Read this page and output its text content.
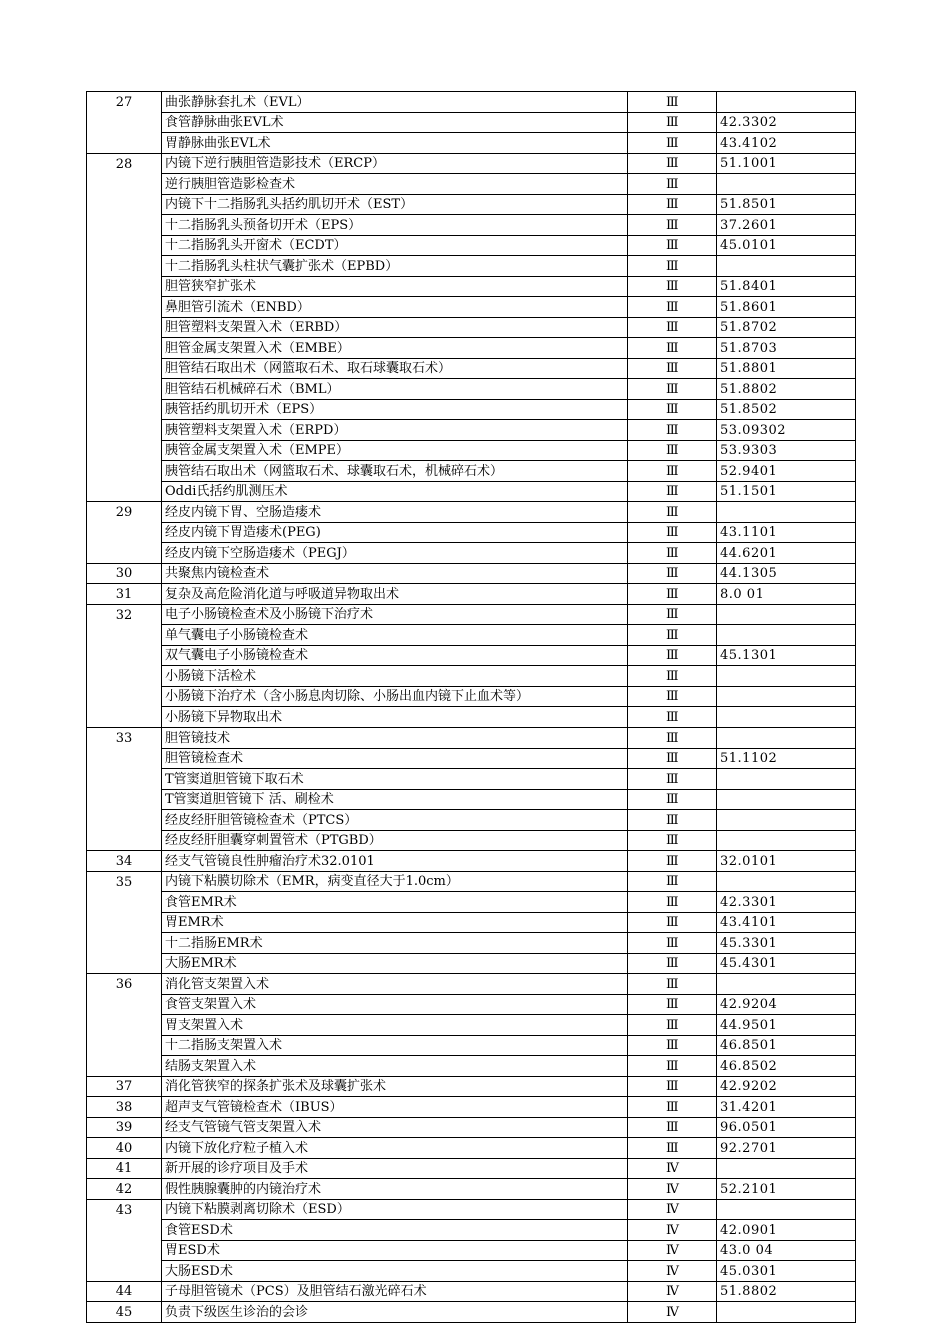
27	曲张静脉套扎术（EVL）	Ⅲ	
	食管静脉曲张EVL术	Ⅲ	42.3302
	胃静脉曲张EVL术	Ⅲ	43.4102
28	内镜下逆行胰胆管造影技术（ERCP）	Ⅲ	51.1001
	逆行胰胆管造影检查术	Ⅲ	
	内镜下十二指肠乳头括约肌切开术（EST）	Ⅲ	51.8501
	十二指肠乳头预备切开术（EPS）	Ⅲ	37.2601
	十二指肠乳头开窗术（ECDT）	Ⅲ	45.0101
	十二指肠乳头柱状气囊扩张术（EPBD）	Ⅲ	
	胆管狭窄扩张术	Ⅲ	51.8401
	鼻胆管引流术（ENBD）	Ⅲ	51.8601
	胆管塑料支架置入术（ERBD）	Ⅲ	51.8702
	胆管金属支架置入术（EMBE）	Ⅲ	51.8703
	胆管结石取出术（网篮取石术、取石球囊取石术）	Ⅲ	51.8801
	胆管结石机械碎石术（BML）	Ⅲ	51.8802
	胰管括约肌切开术（EPS）	Ⅲ	51.8502
	胰管塑料支架置入术（ERPD）	Ⅲ	53.09302
	胰管金属支架置入术（EMPE）	Ⅲ	53.9303
	胰管结石取出术（网篮取石术、球囊取石术，机械碎石术）	Ⅲ	52.9401
	Oddi氏括约肌测压术	Ⅲ	51.1501
29	经皮内镜下胃、空肠造瘘术	Ⅲ	
	经皮内镜下胃造瘘术(PEG)	Ⅲ	43.1101
	经皮内镜下空肠造瘘术（PEGJ）	Ⅲ	44.6201
30	共聚焦内镜检查术	Ⅲ	44.1305
31	复杂及高危险消化道与呼吸道异物取出术	Ⅲ	8.0 01
32	电子小肠镜检查术及小肠镜下治疗术	Ⅲ	
	单气囊电子小肠镜检查术	Ⅲ	
	双气囊电子小肠镜检查术	Ⅲ	45.1301
	小肠镜下活检术	Ⅲ	
	小肠镜下治疗术（含小肠息肉切除、小肠出血内镜下止血术等）	Ⅲ	
	小肠镜下异物取出术	Ⅲ	
33	胆管镜技术	Ⅲ	
	胆管镜检查术	Ⅲ	51.1102
	T管窦道胆管镜下取石术	Ⅲ	
	T管窦道胆管镜下 活、刷检术	Ⅲ	
	经皮经肝胆管镜检查术（PTCS）	Ⅲ	
	经皮经肝胆囊穿刺置管术（PTGBD）	Ⅲ	
34	经支气管镜良性肿瘤治疗术32.0101	Ⅲ	32.0101
35	内镜下粘膜切除术（EMR，病变直径大于1.0cm）	Ⅲ	
	食管EMR术	Ⅲ	42.3301
	胃EMR术	Ⅲ	43.4101
	十二指肠EMR术	Ⅲ	45.3301
	大肠EMR术	Ⅲ	45.4301
36	消化管支架置入术	Ⅲ	
	食管支架置入术	Ⅲ	42.9204
	胃支架置入术	Ⅲ	44.9501
	十二指肠支架置入术	Ⅲ	46.8501
	结肠支架置入术	Ⅲ	46.8502
37	消化管狭窄的探条扩张术及球囊扩张术	Ⅲ	42.9202
38	超声支气管镜检查术（IBUS）	Ⅲ	31.4201
39	经支气管镜气管支架置入术	Ⅲ	96.0501
40	内镜下放化疗粒子植入术	Ⅲ	92.2701
41	新开展的诊疗项目及手术	Ⅳ	
42	假性胰腺囊肿的内镜治疗术	Ⅳ	52.2101
43	内镜下粘膜剥离切除术（ESD）	Ⅳ	
	食管ESD术	Ⅳ	42.0901
	胃ESD术	Ⅳ	43.0 04
	大肠ESD术	Ⅳ	45.0301
44	子母胆管镜术（PCS）及胆管结石激光碎石术	Ⅳ	51.8802
45	负责下级医生诊治的会诊	Ⅳ	
